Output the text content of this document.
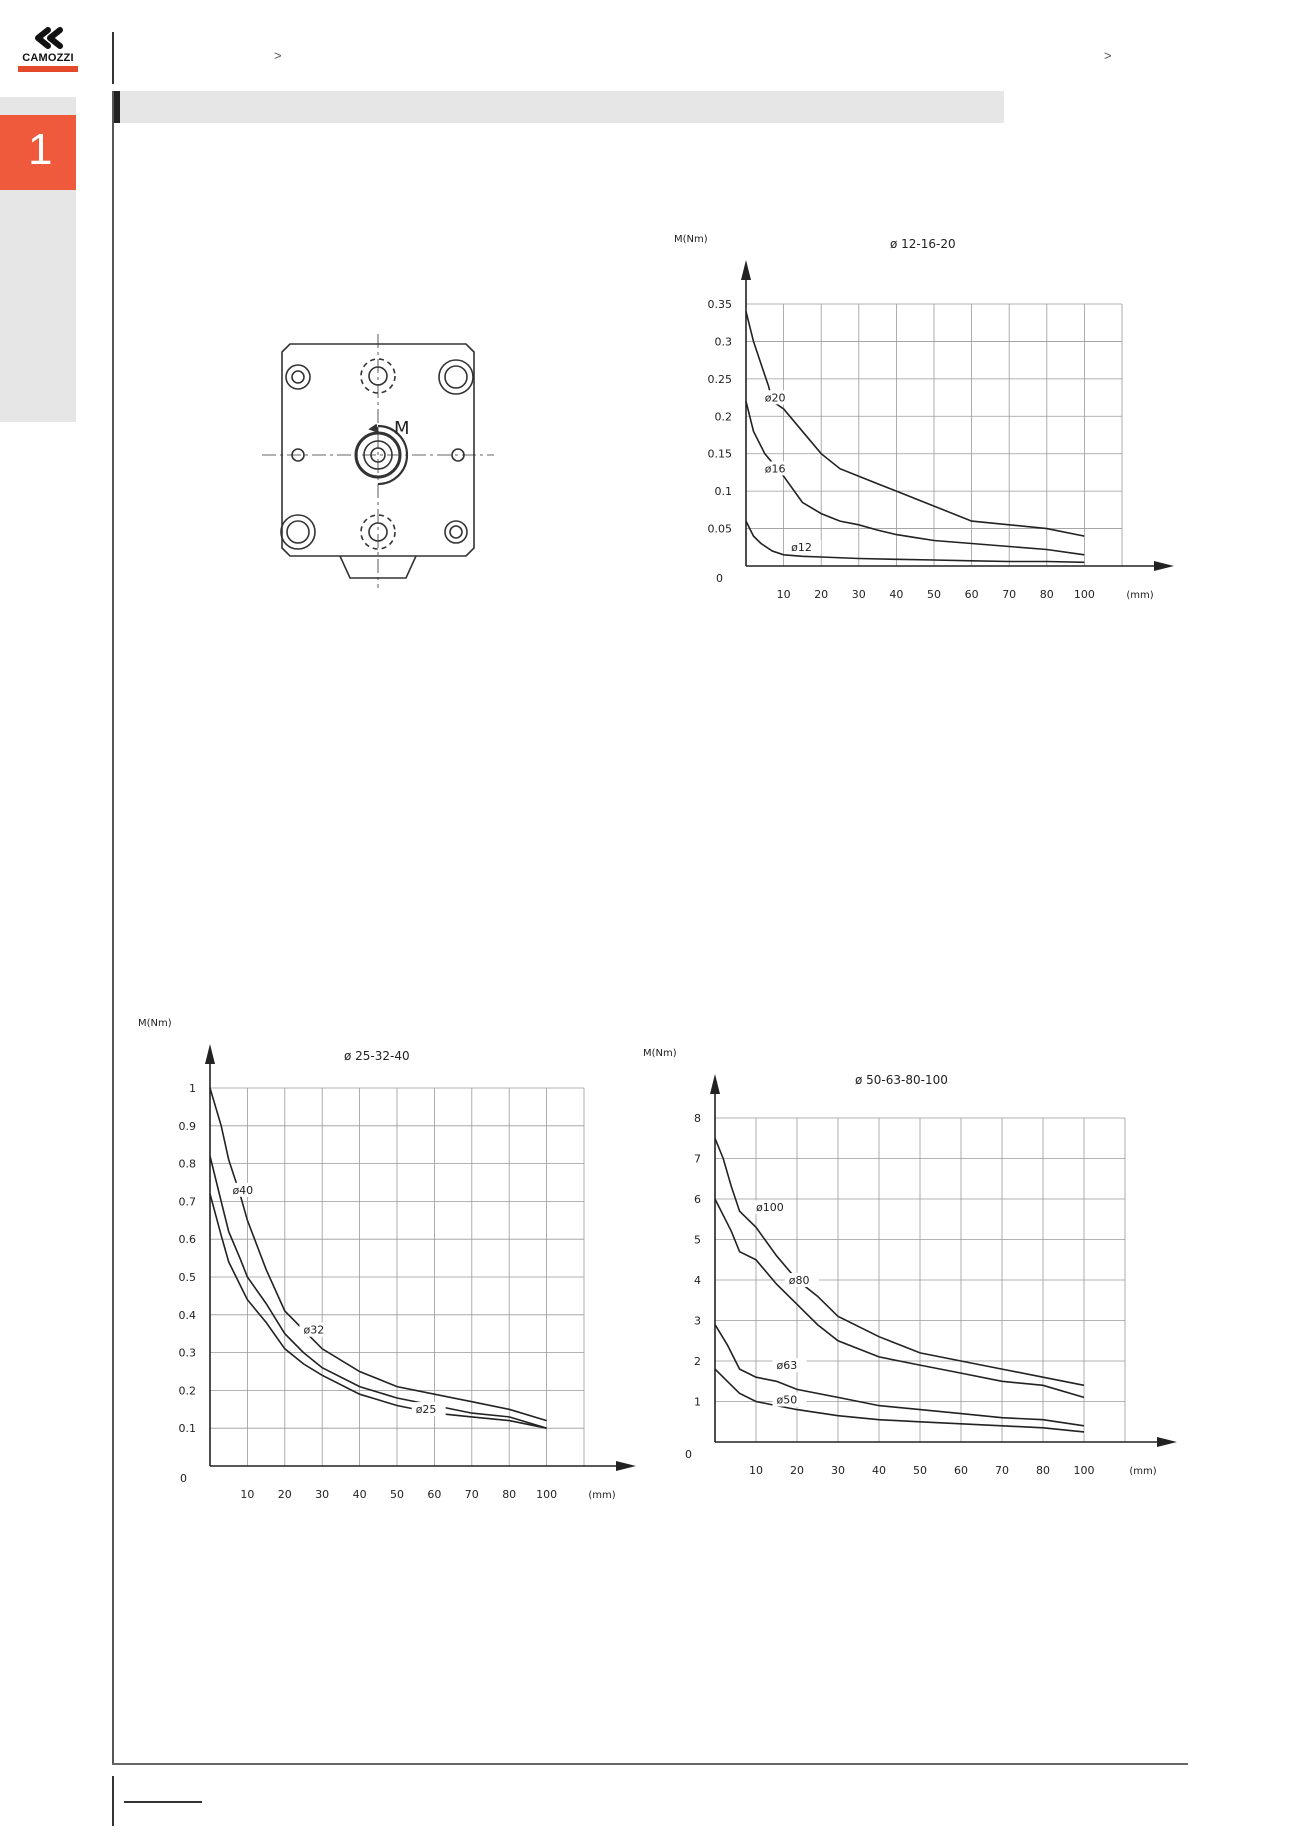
CAMOZZI
1
>	>
M
0.05
0.1
0.15
0.2
0.25
0.3
0.35
10 20 30 40 50 60 70 80 100	(mm)
M(Nm)
0
ø 12-16-20
ø20
ø16
ø12
0.1
0.2
0.3
0.4
0.5
0.6
0.7
0.8
0.9
1
10 20 30 40 50 60 70 80 100	(mm)
M(Nm)
0
ø 25-32-40
ø40
ø32
ø25
1
2
3
4
5
6
7
8
10 20 30 40 50 60 70 80 100	(mm)
M(Nm)
0
ø 50-63-80-100
ø100
ø80
ø63
ø50
